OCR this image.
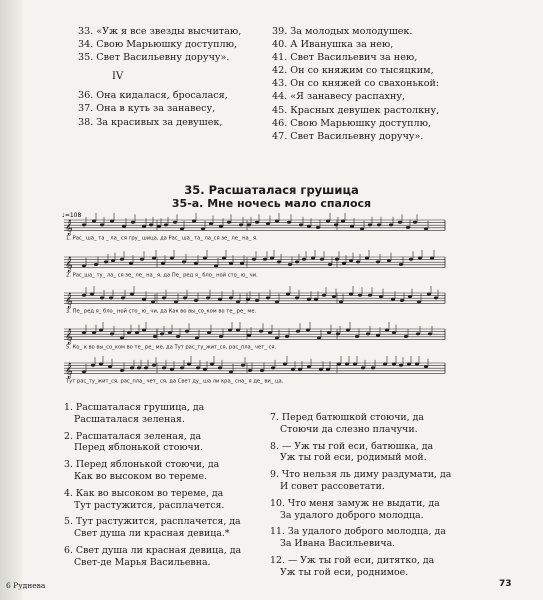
33. «Уж я все звезды высчитаю,
34. Свою Марьюшку доступлю,
35. Свет Васильевну доручу».
IV
36. Она кидалася, бросалася,
37. Она в куть за занавесу,
38. За красивых за девушек,
39. За молодых молодушек.
40. А Иванушка за нею,
41. Свет Васильевич за нею,
42. Он со княжим со тысяцким,
43. Он со княжей со свахонькой:
44. «Я занавесу распахну,
45. Красных девушек растолкну,
46. Свою Марьюшку доступлю,
47. Свет Васильевну доручу».
35. Расшаталася грушица
35-а. Мне ночесь мало спалося
♩=108
𝄞
1. Рас_ ша_ та _ ла_ ся гру_ шица, да Рас_ ша_ та_ ла_ся зе_ ле_ на_ я.
𝄞
2. Рас_ша_ ту_ ла_ ся зе_ ле_ на_ я, да Пе_ ред я_ бло_ ной сто_ ю_ чи.
𝄞
3. Пе_ ред я_ бло_ ной сто_ ю_ чи, да Как во вы_со_ком во те_ ре_ ме.
𝄞
5. Ко_ к во вы_со_ком во те_ ре_ ме, да Тут рас_ту_жит_ся, рас_пла_ чет_ ся.
𝄞
Тут рас_ту_жит_ся, рас_пла_ чет_ ся, да Свет ду_ ша ли кра_ сна_ я де_ ви_ ца.
1. Расшаталася грушица, да
Расшаталася зеленая.
2. Расшаталася зеленая, да
Перед яблонькой стоючи.
3. Перед яблонькой стоючи, да
Как во высоком во тереме.
4. Как во высоком во тереме, да
Тут растужится, расплачется.
5. Тут растужится, расплачется, да
Свет душа ли красная девица.*
6. Свет душа ли красная девица, да
Свет-де Марья Васильевна.
7. Перед батюшкой стоючи, да
Стоючи да слезно плачучи.
8. — Уж ты гой еси, батюшка, да
Уж ты гой еси, родимый мой.
9. Что нельзя ль диму раздумати, да
И совет рассоветати.
10. Что меня замуж не выдати, да
За удалого доброго молодца.
11. За удалого доброго молодца, да
За Ивана Васильевича.
12. — Уж ты гой еси, дитятко, да
Уж ты гой еси, роднимое.
6 Руднева	73
